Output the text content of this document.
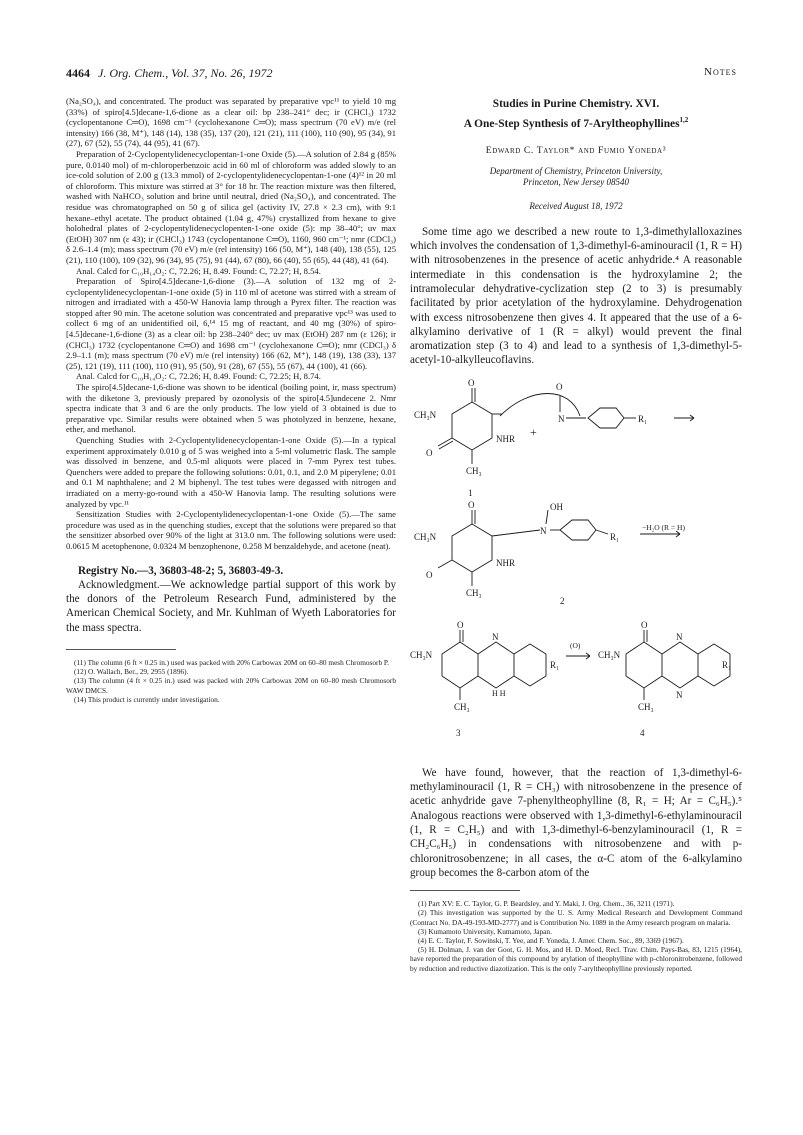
4464 J. Org. Chem., Vol. 37, No. 26, 1972	Notes

(Na₂SO₄), and concentrated. The product was separated by preparative vpc¹¹ to yield 10 mg (33%) of spiro[4.5]decane-1,6-dione as a clear oil: bp 238–241° dec; ir (CHCl₃) 1732 (cyclopentanone C═O), 1698 cm⁻¹ (cyclohexanone C═O); mass spectrum (70 eV) m/e (rel intensity) 166 (38, M⁺), 148 (14), 138 (35), 137 (20), 121 (21), 111 (100), 110 (90), 95 (34), 91 (27), 67 (52), 55 (74), 44 (95), 41 (67).

Preparation of 2-Cyclopentylidenecyclopentan-1-one Oxide (5).—A solution of 2.84 g (85% pure, 0.0140 mol) of m-chloroperbenzoic acid in 60 ml of chloroform was added slowly to an ice-cold solution of 2.00 g (13.3 mmol) of 2-cyclopentylidenecyclopentan-1-one (4)¹² in 20 ml of chloroform. This mixture was stirred at 3° for 18 hr. The reaction mixture was then filtered, washed with NaHCO₃ solution and brine until neutral, dried (Na₂SO₄), and concentrated. The residue was chromatographed on 50 g of silica gel (activity IV, 27.8 × 2.3 cm), with 9:1 hexane–ethyl acetate. The product obtained (1.04 g, 47%) crystallized from hexane to give holohedral plates of 2-cyclopentylidenecyclopenten-1-one oxide (5): mp 38–40°; uv max (EtOH) 307 nm (ε 43); ir (CHCl₃) 1743 (cyclopentanone C═O), 1160, 960 cm⁻¹; nmr (CDCl₃) δ 2.6–1.4 (m); mass spectrum (70 eV) m/e (rel intensity) 166 (50, M⁺), 148 (40), 138 (55), 125 (21), 110 (100), 109 (32), 96 (34), 95 (75), 91 (44), 67 (80), 66 (40), 55 (65), 44 (48), 41 (64).

Anal. Calcd for C₁₀H₁₄O₂: C, 72.26; H, 8.49. Found: C, 72.27; H, 8.54.

Preparation of Spiro[4.5]decane-1,6-dione (3).—A solution of 132 mg of 2-cyclopentylidenecyclopentan-1-one oxide (5) in 110 ml of acetone was stirred with a stream of nitrogen and irradiated with a 450-W Hanovia lamp through a Pyrex filter. The reaction was stopped after 90 min. The acetone solution was concentrated and preparative vpc¹³ was used to collect 6 mg of an unidentified oil, 6,¹⁴ 15 mg of reactant, and 40 mg (30%) of spiro-[4.5]decane-1,6-dione (3) as a clear oil: bp 238–240° dec; uv max (EtOH) 287 nm (ε 126); ir (CHCl₃) 1732 (cyclopentanone C═O) and 1698 cm⁻¹ (cyclohexanone C═O); nmr (CDCl₃) δ 2.9–1.1 (m); mass spectrum (70 eV) m/e (rel intensity) 166 (62, M⁺), 148 (19), 138 (33), 137 (25), 121 (19), 111 (100), 110 (91), 95 (50), 91 (28), 67 (55), 55 (67), 44 (100), 41 (66).

Anal. Calcd for C₁₀H₁₄O₂: C, 72.26; H, 8.49. Found: C, 72.25; H, 8.74.

The spiro[4.5]decane-1,6-dione was shown to be identical (boiling point, ir, mass spectrum) with the diketone 3, previously prepared by ozonolysis of the spiro[4.5]undecene 2. Nmr spectra indicate that 3 and 6 are the only products. The low yield of 3 obtained is due to preparative vpc. Similar results were obtained when 5 was photolyzed in benzene, hexane, ether, and methanol.

Quenching Studies with 2-Cyclopentylidenecyclopentan-1-one Oxide (5).—In a typical experiment approximately 0.010 g of 5 was weighed into a 5-ml volumetric flask. The sample was dissolved in benzene, and 0.5-ml aliquots were placed in 7-mm Pyrex test tubes. Quenchers were added to prepare the following solutions: 0.01, 0.1, and 2.0 M piperylene; 0.01 and 0.1 M naphthalene; and 2 M biphenyl. The test tubes were degassed with nitrogen and irradiated on a merry-go-round with a 450-W Hanovia lamp. The resulting solutions were analyzed by vpc.¹¹

Sensitization Studies with 2-Cyclopentylidenecyclopentan-1-one Oxide (5).—The same procedure was used as in the quenching studies, except that the solutions were prepared so that the sensitizer absorbed over 90% of the light at 313.0 nm. The following solutions were used: 0.0615 M acetophenone, 0.0324 M benzophenone, 0.258 M benzaldehyde, and acetone (neat).

Registry No.—3, 36803-48-2; 5, 36803-49-3.

Acknowledgment.—We acknowledge partial support of this work by the donors of the Petroleum Research Fund, administered by the American Chemical Society, and Mr. Kuhlman of Wyeth Laboratories for the mass spectra.

(11) The column (6 ft × 0.25 in.) used was packed with 20% Carbowax 20M on 60–80 mesh Chromosorb P.

(12) O. Wallach, Ber., 29, 2955 (1896).

(13) The column (4 ft × 0.25 in.) used was packed with 20% Carbowax 20M on 60–80 mesh Chromosorb WAW DMCS.

(14) This product is currently under investigation.

Studies in Purine Chemistry. XVI.
A One-Step Synthesis of 7-Aryltheophyllines$^{1,2}$
Edward C. Taylor* and Fumio Yoneda³
Department of Chemistry, Princeton University,
Princeton, New Jersey 08540
Received August 18, 1972

Some time ago we described a new route to 1,3-dimethylalloxazines which involves the condensation of 1,3-dimethyl-6-aminouracil (1, R = H) with nitrosobenzenes in the presence of acetic anhydride.⁴ A reasonable intermediate in this condensation is the hydroxylamine 2; the intramolecular dehydrative-cyclization step (2 to 3) is presumably facilitated by prior acetylation of the hydroxylamine. Dehydrogenation with excess nitrosobenzene then gives 4. It appeared that the use of a 6-alkylamino derivative of 1 (R = alkyl) would prevent the final aromatization step (3 to 4) and lead to a synthesis of 1,3-dimethyl-5-acetyl-10-alkylleucoflavins.

O
CH₃N
O
CH₃
NHR +
1
O
N	R₁
O	OH
CH₃N
N
O
CH₃
NHR
R₁
−H₂O (R = H)
2
O
CH₃N
N
H H
R₁
CH₃
3
(O)
O
CH₃N
N
N
R₁
CH₃
4

We have found, however, that the reaction of 1,3-dimethyl-6-methylaminouracil (1, R = CH₃) with nitrosobenzene in the presence of acetic anhydride gave 7-phenyltheophylline (8, R₁ = H; Ar = C₆H₅).⁵ Analogous reactions were observed with 1,3-dimethyl-6-ethylaminouracil (1, R = C₂H₅) and with 1,3-dimethyl-6-benzylaminouracil (1, R = CH₂C₆H₅) in condensations with nitrosobenzene and with p-chloronitrosobenzene; in all cases, the α-C atom of the 6-alkylamino group becomes the 8-carbon atom of the

(1) Part XV: E. C. Taylor, G. P. Beardsley, and Y. Maki, J. Org. Chem., 36, 3211 (1971).

(2) This investigation was supported by the U. S. Army Medical Research and Development Command (Contract No. DA-49-193-MD-2777) and is Contribution No. 1089 in the Army research program on malaria.

(3) Kumamoto University, Kumamoto, Japan.

(4) E. C. Taylor, F. Sowinski, T. Yee, and F. Yoneda, J. Amer. Chem. Soc., 89, 3369 (1967).

(5) H. Dolman, J. van der Goot, G. H. Mos, and H. D. Moed, Recl. Trav. Chim. Pays-Bas, 83, 1215 (1964), have reported the preparation of this compound by arylation of theophylline with p-chloronitrobenzene, followed by reduction and reductive diazotization. This is the only 7-aryltheophylline previously reported.
